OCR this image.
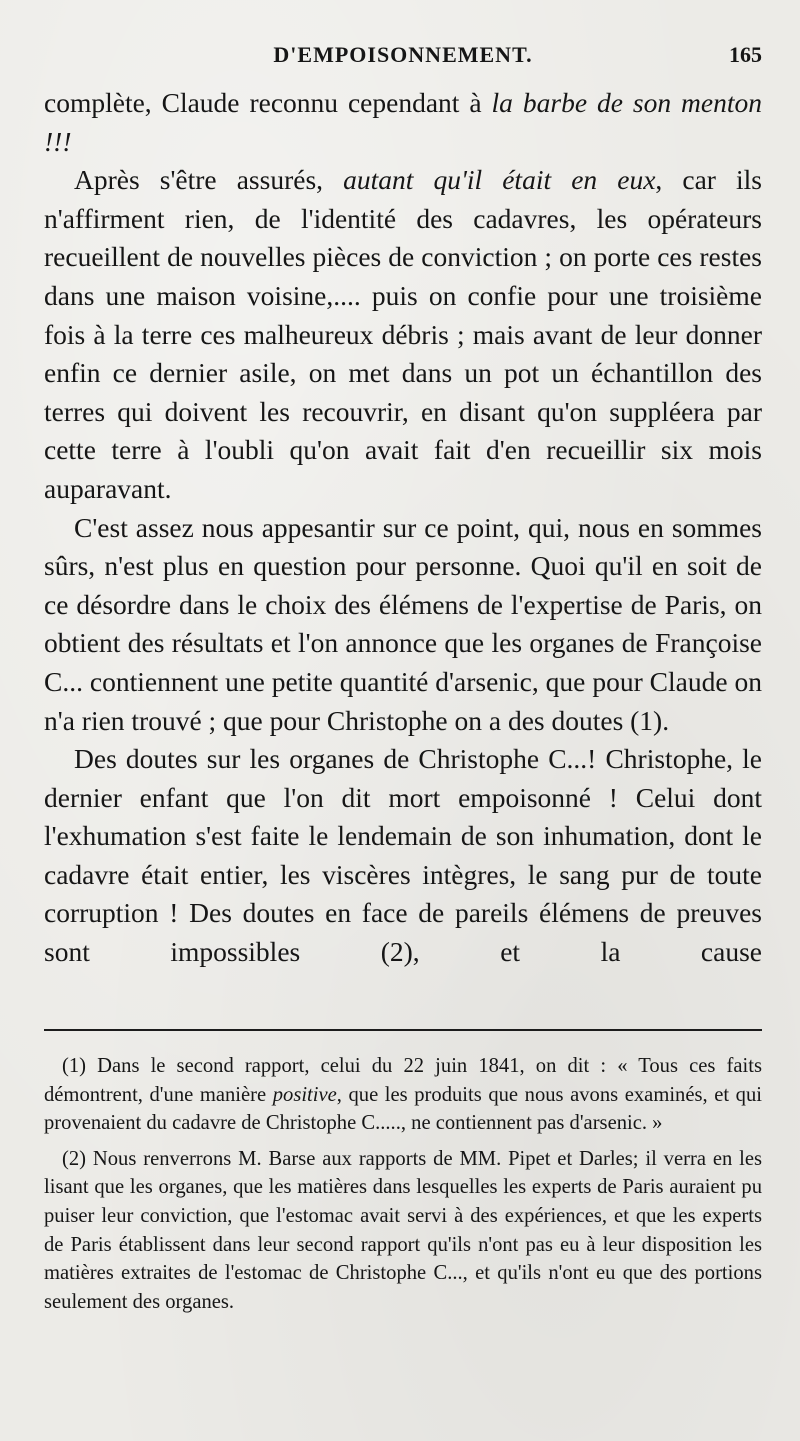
D'EMPOISONNEMENT.	165

complète, Claude reconnu cependant à la barbe de son menton !!!

Après s'être assurés, autant qu'il était en eux, car ils n'affirment rien, de l'identité des cadavres, les opérateurs recueillent de nouvelles pièces de conviction ; on porte ces restes dans une maison voisine,.... puis on confie pour une troisième fois à la terre ces malheureux débris ; mais avant de leur donner enfin ce dernier asile, on met dans un pot un échantillon des terres qui doivent les recouvrir, en disant qu'on suppléera par cette terre à l'oubli qu'on avait fait d'en recueillir six mois auparavant.

C'est assez nous appesantir sur ce point, qui, nous en sommes sûrs, n'est plus en question pour personne. Quoi qu'il en soit de ce désordre dans le choix des élémens de l'expertise de Paris, on obtient des résultats et l'on annonce que les organes de Françoise C... contiennent une petite quantité d'arsenic, que pour Claude on n'a rien trouvé ; que pour Christophe on a des doutes (1).

Des doutes sur les organes de Christophe C...! Christophe, le dernier enfant que l'on dit mort empoisonné ! Celui dont l'exhumation s'est faite le lendemain de son inhumation, dont le cadavre était entier, les viscères intègres, le sang pur de toute corruption ! Des doutes en face de pareils élémens de preuves sont impossibles (2), et la cause

(1) Dans le second rapport, celui du 22 juin 1841, on dit : « Tous ces faits démontrent, d'une manière positive, que les produits que nous avons examinés, et qui provenaient du cadavre de Christophe C....., ne contiennent pas d'arsenic. »

(2) Nous renverrons M. Barse aux rapports de MM. Pipet et Darles; il verra en les lisant que les organes, que les matières dans lesquelles les experts de Paris auraient pu puiser leur conviction, que l'estomac avait servi à des expériences, et que les experts de Paris établissent dans leur second rapport qu'ils n'ont pas eu à leur disposition les matières extraites de l'estomac de Christophe C..., et qu'ils n'ont eu que des portions seulement des organes.
